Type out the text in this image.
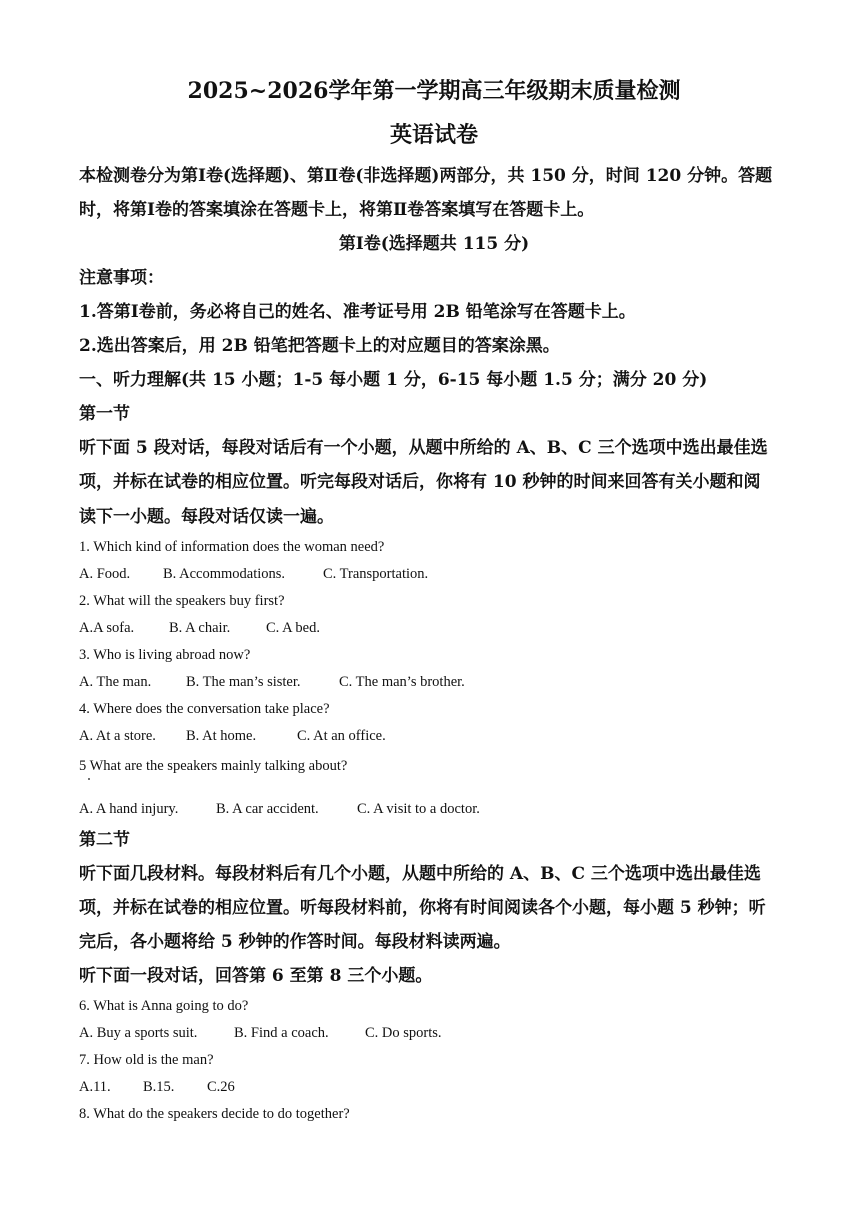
2025~2026学年第一学期高三年级期末质量检测
英语试卷
本检测卷分为第Ⅰ卷(选择题)、第Ⅱ卷(非选择题)两部分，共 150 分，时间 120 分钟。答题
时，将第Ⅰ卷的答案填涂在答题卡上，将第Ⅱ卷答案填写在答题卡上。
第Ⅰ卷(选择题共 115 分)
注意事项：
1.答第Ⅰ卷前，务必将自己的姓名、准考证号用 2B 铅笔涂写在答题卡上。
2.选出答案后，用 2B 铅笔把答题卡上的对应题目的答案涂黑。
一、听力理解(共 15 小题；1-5 每小题 1 分，6-15 每小题 1.5 分；满分 20 分)
第一节
听下面 5 段对话，每段对话后有一个小题，从题中所给的 A、B、C 三个选项中选出最佳选
项，并标在试卷的相应位置。听完每段对话后，你将有 10 秒钟的时间来回答有关小题和阅
读下一小题。每段对话仅读一遍。
1. Which kind of information does the woman need?
A. Food. B. Accommodations.	C. Transportation.
2. What will the speakers buy first?
A.A sofa. B. A chair. C. A bed.
3. Who is living abroad now?
A. The man. B. The man’s sister.	C. The man’s brother.
4. Where does the conversation take place?
A. At a store. B. At home.	C. At an office.
5 What are the speakers mainly talking about?
A. A hand injury.	B. A car accident.	C. A visit to a doctor.
第二节
听下面几段材料。每段材料后有几个小题，从题中所给的 A、B、C 三个选项中选出最佳选
项，并标在试卷的相应位置。听每段材料前，你将有时间阅读各个小题，每小题 5 秒钟；听
完后，各小题将给 5 秒钟的作答时间。每段材料读两遍。
听下面一段对话，回答第 6 至第 8 三个小题。
6. What is Anna going to do?
A. Buy a sports suit.	B. Find a coach.	C. Do sports.
7. How old is the man?
A.11. B.15. C.26
8. What do the speakers decide to do together?
